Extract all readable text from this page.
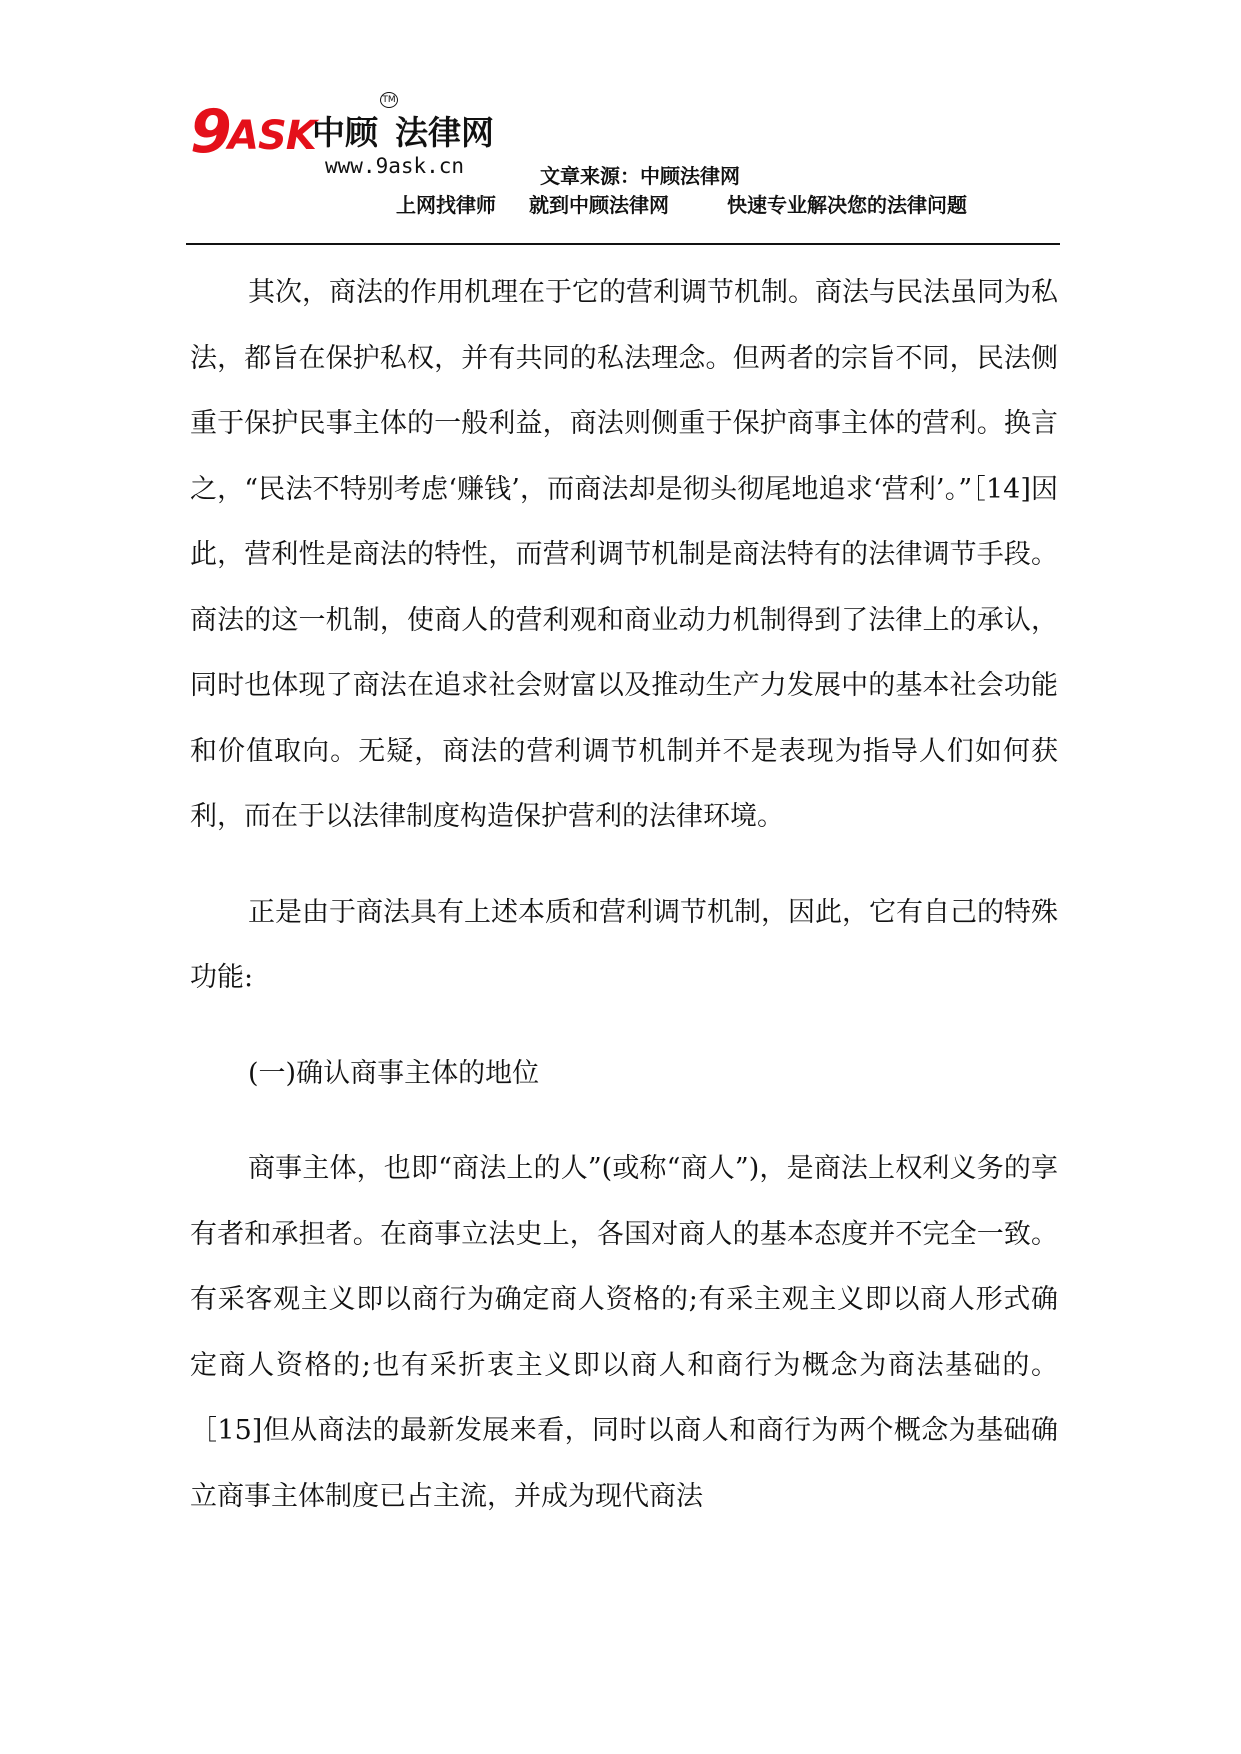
9
ASK
中顾
TM
法律网
www.9ask.cn	文章来源：中顾法律网
上网找律师 就到中顾法律网	快速专业解决您的法律问题

其次，商法的作用机理在于它的营利调节机制。商法与民法虽同为私法，都旨在保护私权，并有共同的私法理念。但两者的宗旨不同，民法侧重于保护民事主体的一般利益，商法则侧重于保护商事主体的营利。换言之，“民法不特别考虑‘赚钱’，而商法却是彻头彻尾地追求‘营利’。”［14]因此，营利性是商法的特性，而营利调节机制是商法特有的法律调节手段。商法的这一机制，使商人的营利观和商业动力机制得到了法律上的承认，同时也体现了商法在追求社会财富以及推动生产力发展中的基本社会功能和价值取向。无疑，商法的营利调节机制并不是表现为指导人们如何获利，而在于以法律制度构造保护营利的法律环境。

正是由于商法具有上述本质和营利调节机制，因此，它有自己的特殊功能:

(一)确认商事主体的地位

商事主体，也即“商法上的人”(或称“商人”)，是商法上权利义务的享有者和承担者。在商事立法史上，各国对商人的基本态度并不完全一致。有采客观主义即以商行为确定商人资格的;有采主观主义即以商人形式确定商人资格的;也有采折衷主义即以商人和商行为概念为商法基础的。［15]但从商法的最新发展来看，同时以商人和商行为两个概念为基础确立商事主体制度已占主流，并成为现代商法
